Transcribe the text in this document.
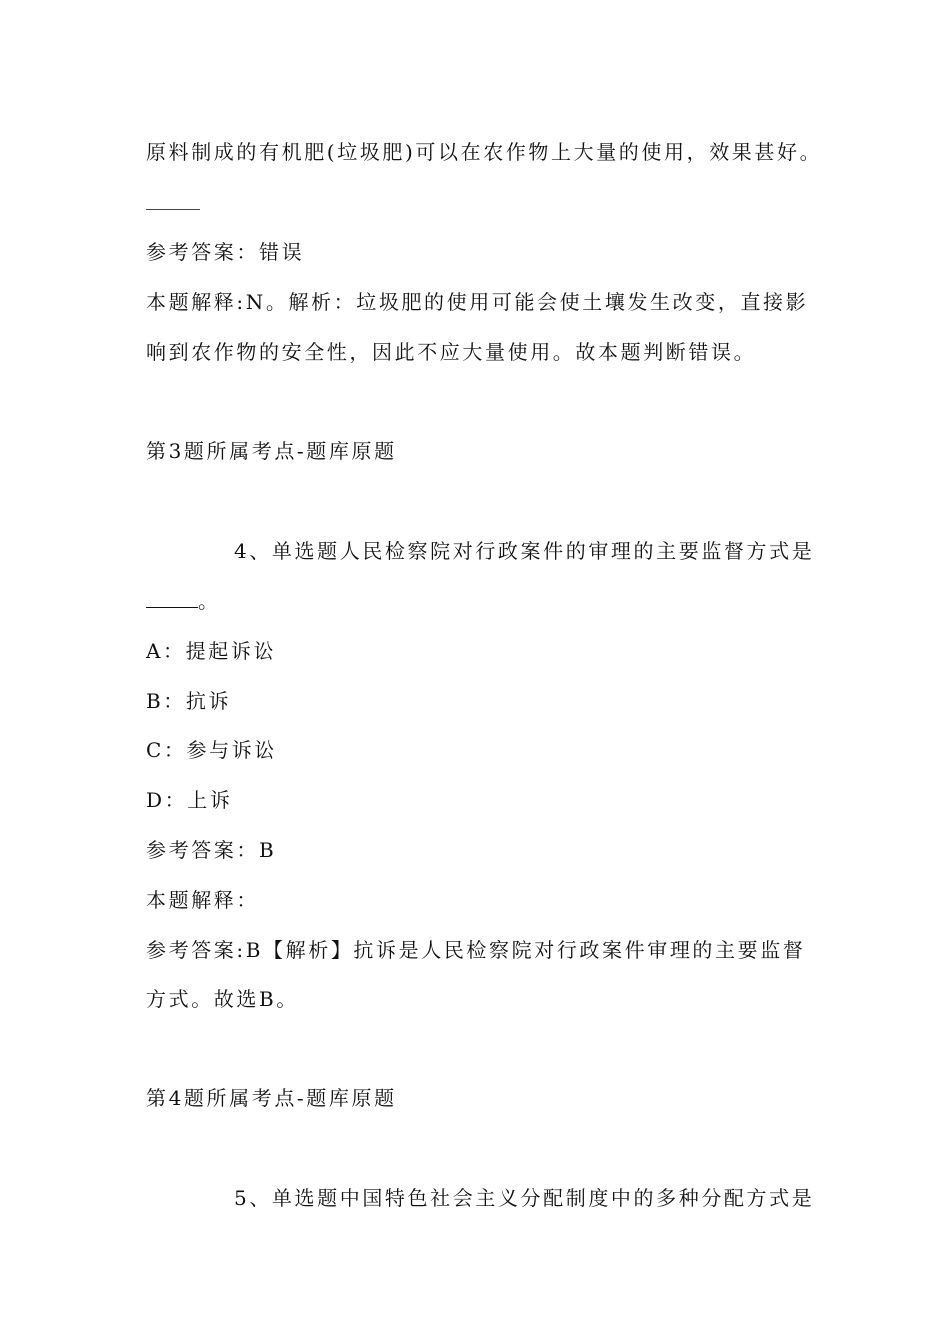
原料制成的有机肥(垃圾肥)可以在农作物上大量的使用，效果甚好。
参考答案：错误
本题解释:N。解析：垃圾肥的使用可能会使土壤发生改变，直接影
响到农作物的安全性，因此不应大量使用。故本题判断错误。
第3题所属考点-题库原题
4、单选题人民检察院对行政案件的审理的主要监督方式是
。
A：提起诉讼
B：抗诉
C：参与诉讼
D：上诉
参考答案：B
本题解释：
参考答案:B【解析】抗诉是人民检察院对行政案件审理的主要监督
方式。故选B。
第4题所属考点-题库原题
5、单选题中国特色社会主义分配制度中的多种分配方式是
